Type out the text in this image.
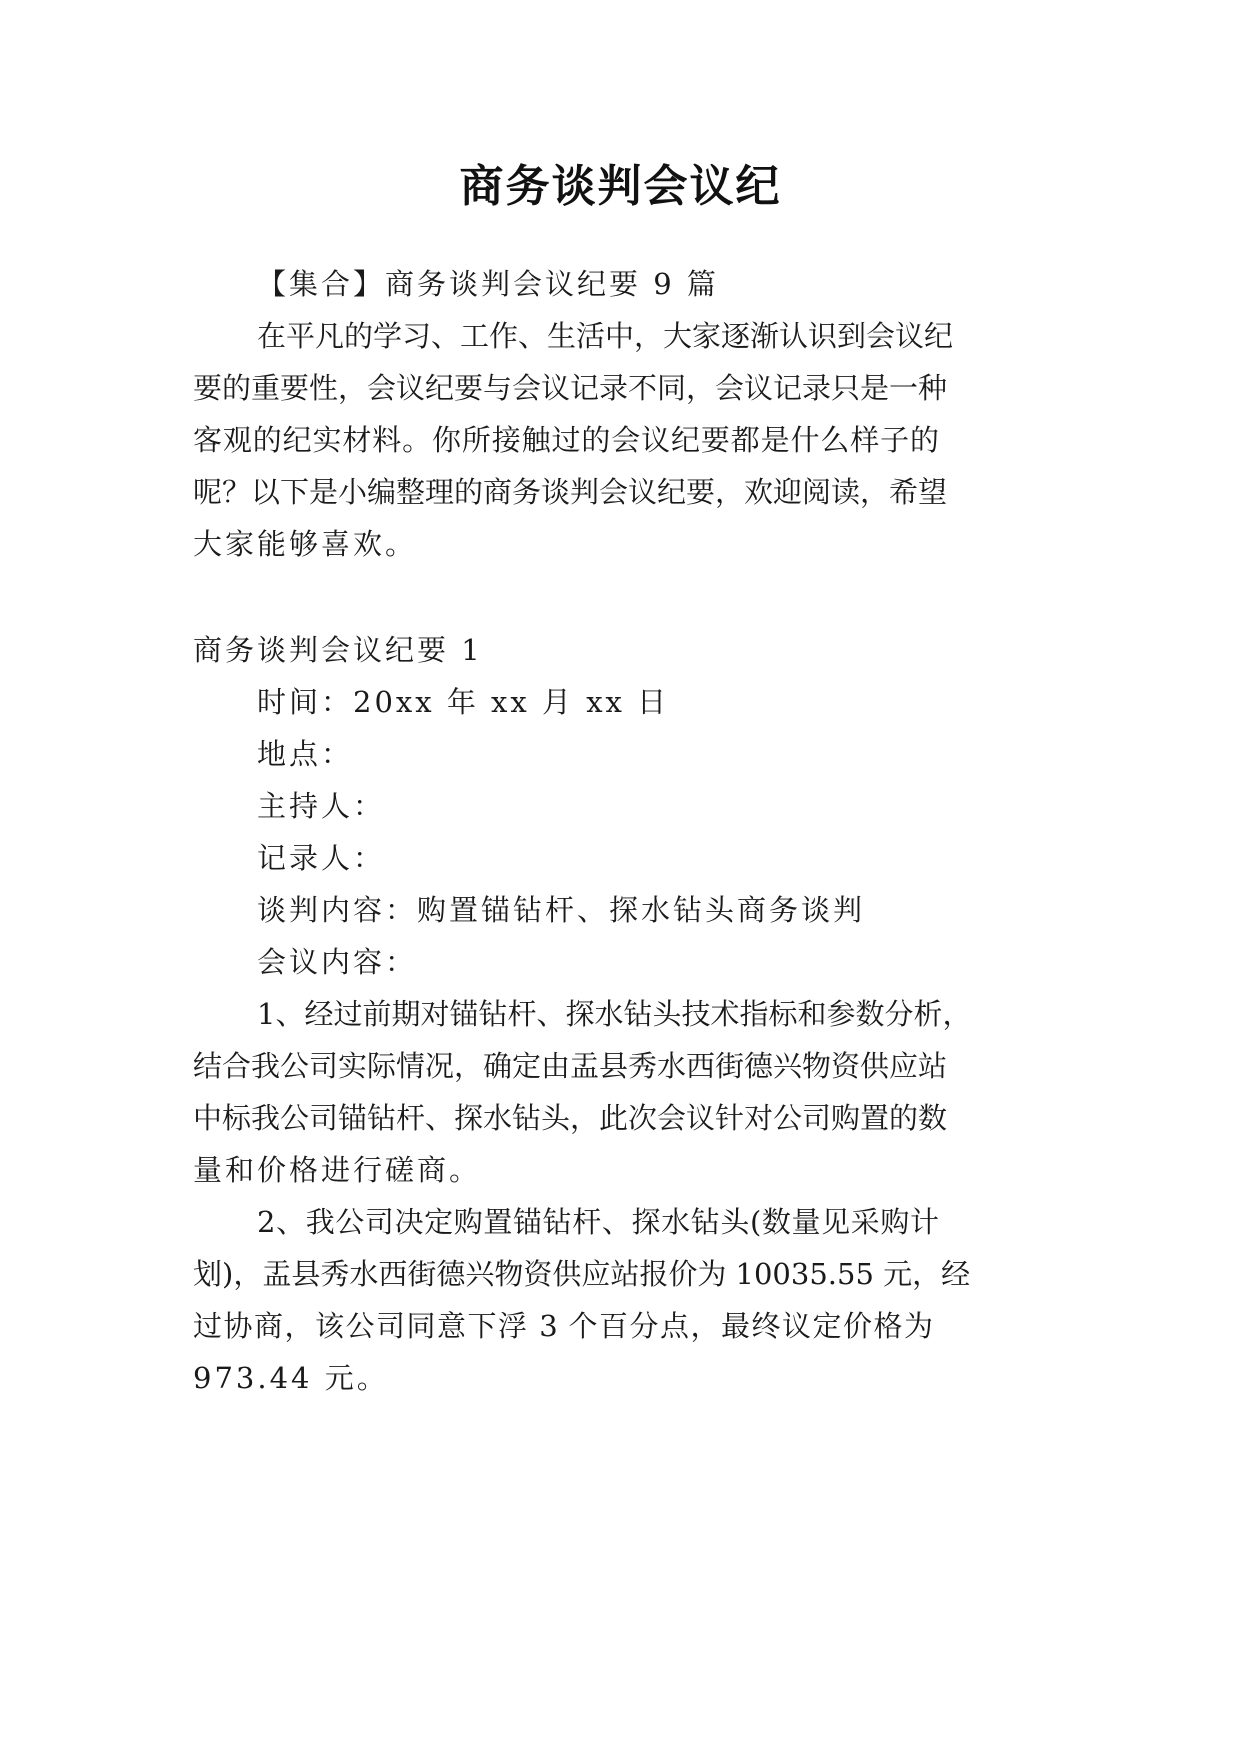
商务谈判会议纪
【集合】商务谈判会议纪要 9 篇
在平凡的学习、工作、生活中，大家逐渐认识到会议纪
要的重要性，会议纪要与会议记录不同，会议记录只是一种
客观的纪实材料。你所接触过的会议纪要都是什么样子的
呢？以下是小编整理的商务谈判会议纪要，欢迎阅读，希望
大家能够喜欢。
商务谈判会议纪要 1
时间：20xx 年 xx 月 xx 日
地点：
主持人：
记录人：
谈判内容：购置锚钻杆、探水钻头商务谈判
会议内容：
1、经过前期对锚钻杆、探水钻头技术指标和参数分析，
结合我公司实际情况，确定由盂县秀水西街德兴物资供应站
中标我公司锚钻杆、探水钻头，此次会议针对公司购置的数
量和价格进行磋商。
2、我公司决定购置锚钻杆、探水钻头(数量见采购计
划)，盂县秀水西街德兴物资供应站报价为 10035.55 元，经
过协商，该公司同意下浮 3 个百分点，最终议定价格为
973.44 元。
